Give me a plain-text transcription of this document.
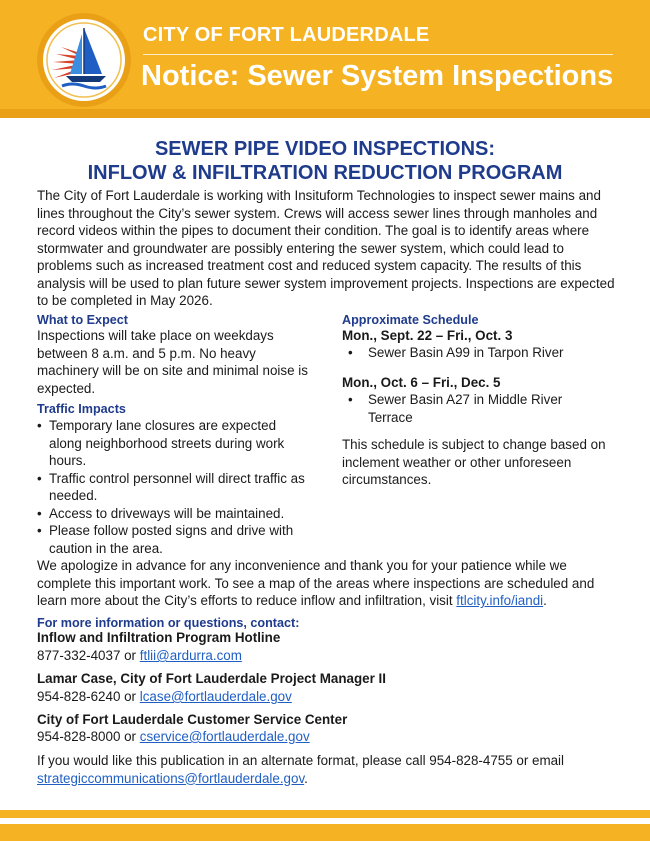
CITY OF FORT LAUDERDALE
Notice: Sewer System Inspections
SEWER PIPE VIDEO INSPECTIONS:
INFLOW & INFILTRATION REDUCTION PROGRAM
The City of Fort Lauderdale is working with Insituform Technologies to inspect sewer mains and lines throughout the City’s sewer system. Crews will access sewer lines through manholes and record videos within the pipes to document their condition. The goal is to identify areas where stormwater and groundwater are possibly entering the sewer system, which could lead to problems such as increased treatment cost and reduced system capacity. The results of this analysis will be used to plan future sewer system improvement projects. Inspections are expected to be completed in May 2026.
What to Expect
Inspections will take place on weekdays between 8 a.m. and 5 p.m. No heavy machinery will be on site and minimal noise is expected.
Traffic Impacts
• Temporary lane closures are expected along neighborhood streets during work hours.
• Traffic control personnel will direct traffic as needed.
• Access to driveways will be maintained.
• Please follow posted signs and drive with caution in the area.
Approximate Schedule
Mon., Sept. 22 – Fri., Oct. 3
• Sewer Basin A99 in Tarpon River
Mon., Oct. 6 – Fri., Dec. 5
• Sewer Basin A27 in Middle River Terrace
This schedule is subject to change based on inclement weather or other unforeseen circumstances.
We apologize in advance for any inconvenience and thank you for your patience while we complete this important work. To see a map of the areas where inspections are scheduled and learn more about the City’s efforts to reduce inflow and infiltration, visit ftlcity.info/iandi.
For more information or questions, contact:
Inflow and Infiltration Program Hotline
877-332-4037 or ftlii@ardurra.com
Lamar Case, City of Fort Lauderdale Project Manager II
954-828-6240 or lcase@fortlauderdale.gov
City of Fort Lauderdale Customer Service Center
954-828-8000 or cservice@fortlauderdale.gov
If you would like this publication in an alternate format, please call 954-828-4755 or email strategiccommunications@fortlauderdale.gov.
